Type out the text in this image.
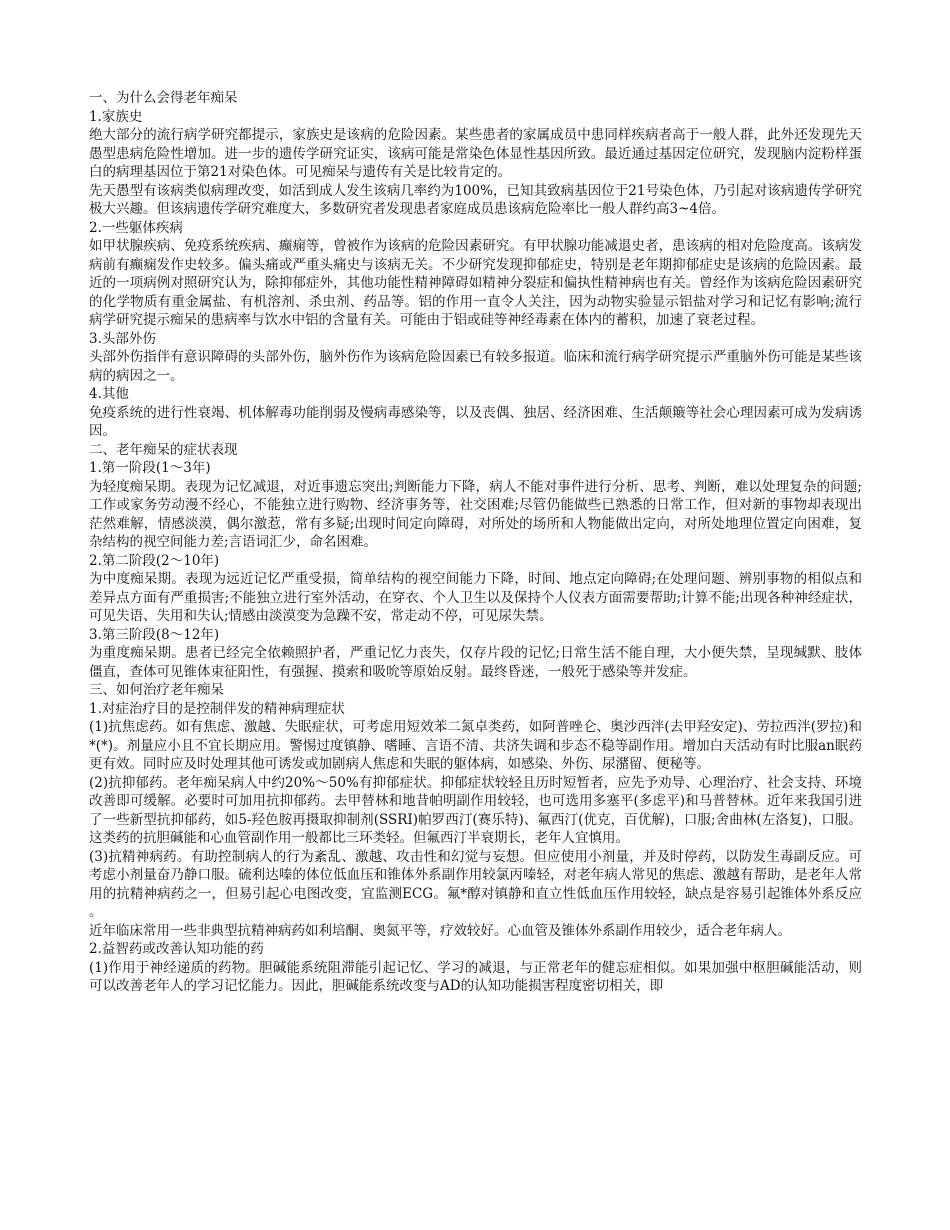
一、为什么会得老年痴呆
1.家族史
绝大部分的流行病学研究都提示，家族史是该病的危险因素。某些患者的家属成员中患同样疾病者高于一般人群，此外还发现先天愚型患病危险性增加。进一步的遗传学研究证实，该病可能是常染色体显性基因所致。最近通过基因定位研究，发现脑内淀粉样蛋白的病理基因位于第21对染色体。可见痴呆与遗传有关是比较肯定的。
先天愚型有该病类似病理改变，如活到成人发生该病几率约为100%，已知其致病基因位于21号染色体，乃引起对该病遗传学研究极大兴趣。但该病遗传学研究难度大，多数研究者发现患者家庭成员患该病危险率比一般人群约高3~4倍。
2.一些躯体疾病
如甲状腺疾病、免疫系统疾病、癫痫等，曾被作为该病的危险因素研究。有甲状腺功能减退史者，患该病的相对危险度高。该病发病前有癫痫发作史较多。偏头痛或严重头痛史与该病无关。不少研究发现抑郁症史，特别是老年期抑郁症史是该病的危险因素。最近的一项病例对照研究认为，除抑郁症外，其他功能性精神障碍如精神分裂症和偏执性精神病也有关。曾经作为该病危险因素研究的化学物质有重金属盐、有机溶剂、杀虫剂、药品等。铝的作用一直令人关注，因为动物实验显示铝盐对学习和记忆有影响;流行病学研究提示痴呆的患病率与饮水中铝的含量有关。可能由于铝或硅等神经毒素在体内的蓄积，加速了衰老过程。
3.头部外伤
头部外伤指伴有意识障碍的头部外伤，脑外伤作为该病危险因素已有较多报道。临床和流行病学研究提示严重脑外伤可能是某些该病的病因之一。
4.其他
免疫系统的进行性衰竭、机体解毒功能削弱及慢病毒感染等，以及丧偶、独居、经济困难、生活颠簸等社会心理因素可成为发病诱因。
二、老年痴呆的症状表现
1.第一阶段(1～3年)
为轻度痴呆期。表现为记忆减退，对近事遗忘突出;判断能力下降，病人不能对事件进行分析、思考、判断，难以处理复杂的问题;工作或家务劳动漫不经心，不能独立进行购物、经济事务等，社交困难;尽管仍能做些已熟悉的日常工作，但对新的事物却表现出茫然难解，情感淡漠，偶尔激惹，常有多疑;出现时间定向障碍，对所处的场所和人物能做出定向，对所处地理位置定向困难，复杂结构的视空间能力差;言语词汇少，命名困难。
2.第二阶段(2～10年)
为中度痴呆期。表现为远近记忆严重受损，简单结构的视空间能力下降，时间、地点定向障碍;在处理问题、辨别事物的相似点和差异点方面有严重损害;不能独立进行室外活动，在穿衣、个人卫生以及保持个人仪表方面需要帮助;计算不能;出现各种神经症状，可见失语、失用和失认;情感由淡漠变为急躁不安，常走动不停，可见尿失禁。
3.第三阶段(8～12年)
为重度痴呆期。患者已经完全依赖照护者，严重记忆力丧失，仅存片段的记忆;日常生活不能自理，大小便失禁，呈现缄默、肢体僵直，查体可见锥体束征阳性，有强握、摸索和吸吮等原始反射。最终昏迷，一般死于感染等并发症。
三、如何治疗老年痴呆
1.对症治疗目的是控制伴发的精神病理症状
(1)抗焦虑药。如有焦虑、激越、失眠症状，可考虑用短效苯二氮卓类药，如阿普唑仑、奥沙西泮(去甲羟安定)、劳拉西泮(罗拉)和*(*)。剂量应小且不宜长期应用。警惕过度镇静、嗜睡、言语不清、共济失调和步态不稳等副作用。增加白天活动有时比服an眠药更有效。同时应及时处理其他可诱发或加剧病人焦虑和失眠的躯体病，如感染、外伤、尿潴留、便秘等。
(2)抗抑郁药。老年痴呆病人中约20%～50%有抑郁症状。抑郁症状较轻且历时短暂者，应先予劝导、心理治疗、社会支持、环境改善即可缓解。必要时可加用抗抑郁药。去甲替林和地昔帕明副作用较轻，也可选用多塞平(多虑平)和马普替林。近年来我国引进了一些新型抗抑郁药，如5-羟色胺再摄取抑制剂(SSRI)帕罗西汀(赛乐特)、氟西汀(优克，百优解)，口服;舍曲林(左洛复)，口服。这类药的抗胆碱能和心血管副作用一般都比三环类轻。但氟西汀半衰期长，老年人宜慎用。
(3)抗精神病药。有助控制病人的行为紊乱、激越、攻击性和幻觉与妄想。但应使用小剂量，并及时停药，以防发生毒副反应。可考虑小剂量奋乃静口服。硫利达嗪的体位低血压和锥体外系副作用较氯丙嗪轻，对老年病人常见的焦虑、激越有帮助，是老年人常用的抗精神病药之一，但易引起心电图改变，宜监测ECG。氟*醇对镇静和直立性低血压作用较轻，缺点是容易引起锥体外系反应。
近年临床常用一些非典型抗精神病药如利培酮、奥氮平等，疗效较好。心血管及锥体外系副作用较少，适合老年病人。
2.益智药或改善认知功能的药
(1)作用于神经递质的药物。胆碱能系统阻滞能引起记忆、学习的减退，与正常老年的健忘症相似。如果加强中枢胆碱能活动，则可以改善老年人的学习记忆能力。因此，胆碱能系统改变与AD的认知功能损害程度密切相关，即
